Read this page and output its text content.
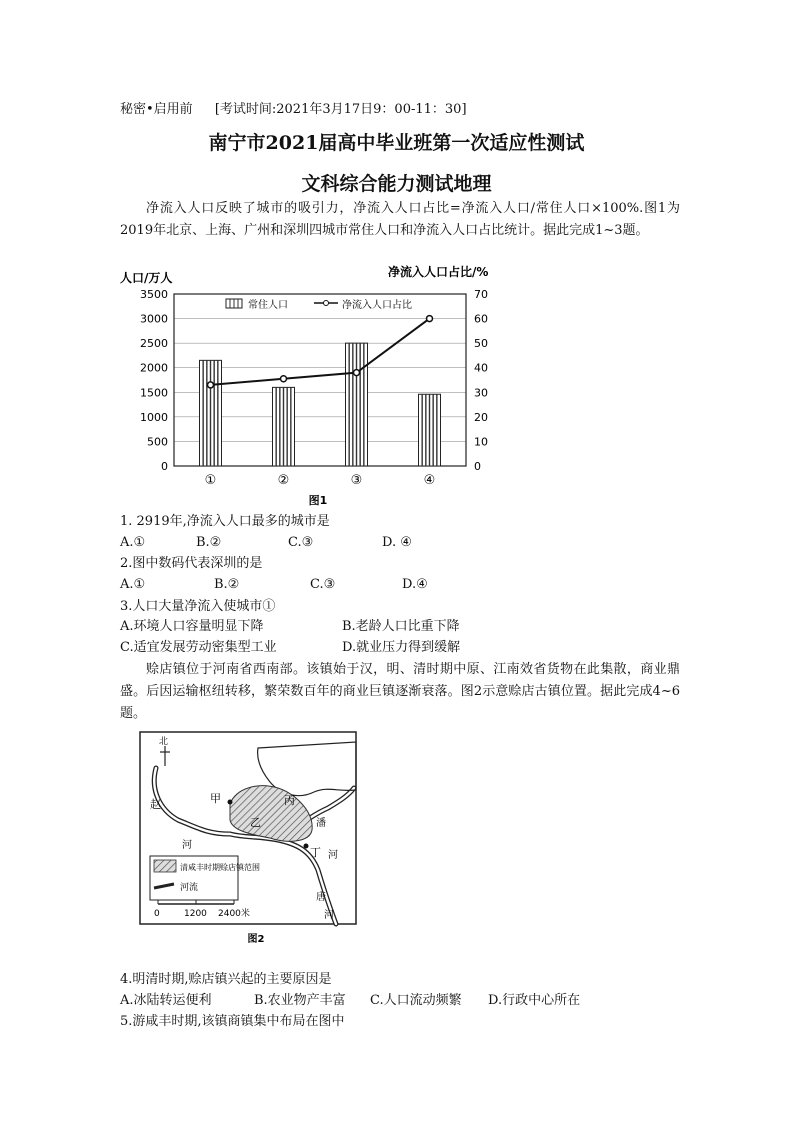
秘密•启用前 [考试时间:2021年3月17日9：00-11：30]
南宁市2021届高中毕业班第一次适应性测试
文科综合能力测试地理
净流入人口反映了城市的吸引力，净流入人口占比=净流入人口/常住人口×100%.图1为2019年北京、上海、广州和深圳四城市常住人口和净流入人口占比统计。据此完成1~3题。
人口/万人	净流入人口占比/%
常住人口	净流入人口占比
0
500
1000
1500
2000
2500
3000
3500
0
10
20
30
40
50
60
70
①	②	③	④
图1
1. 2919年,净流入人口最多的城市是
A.①	B.②	C.③	D. ④
2.图中数码代表深圳的是
A.①	B.②	C.③	D.④
3.人口大量净流入使城市①
A.环境人口容量明显下降	B.老龄人口比重下降
C.适宜发展劳动密集型工业	D.就业压力得到缓解
赊店镇位于河南省西南部。该镇始于汉，明、清时期中原、江南效省货物在此集散，商业鼎盛。后因运输枢纽转移，繁荣数百年的商业巨镇逐渐衰落。图2示意赊店古镇位置。据此完成4~6题。
北
甲
乙
丙
丁
赵
河
潘
河
唐
河
清咸丰时期赊店镇范围
河流
0	1200 2400米
图2
4.明清时期,赊店镇兴起的主要原因是
A.冰陆转运便利	B.农业物产丰富 C.人口流动频繁 D.行政中心所在
5.游咸丰时期,该镇商镇集中布局在图中
